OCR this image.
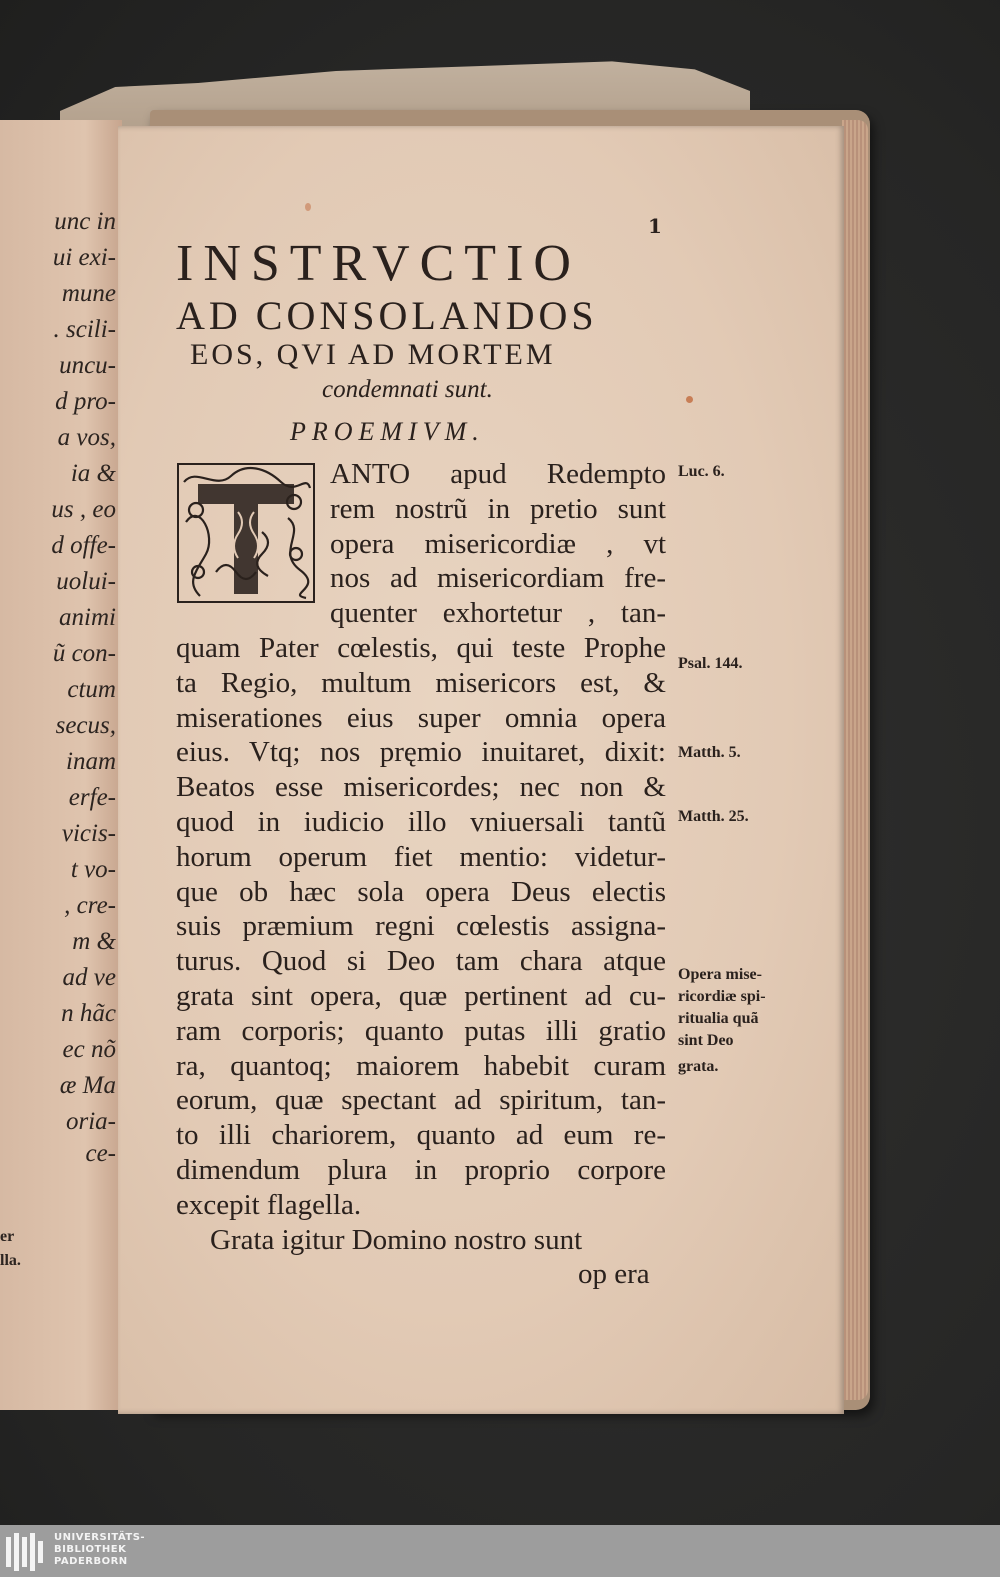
unc in
ui exi-
mune
. scili-
uncu-
d pro-
a vos,
ia &
us , eo
d offe-
uolui-
animi
ũ con-
ctum
secus,
inam
erfe-
vicis-
t vo-
, cre-
m &
ad ve
n hãc
ec nõ
æ Ma
oria-
ce-
er
lla.
1
INSTRVCTIO
AD CONSOLANDOS
EOS, QVI AD MORTEM
condemnati sunt.
PROEMIVM.
ANTO apud Redempto
rem nostrũ in pretio sunt
opera misericordiæ , vt
nos ad misericordiam fre-
quenter exhortetur , tan-
quam Pater cœlestis, qui teste Prophe
ta Regio, multum misericors est, &
miserationes eius super omnia opera
eius. Vtq; nos pręmio inuitaret, dixit:
Beatos esse misericordes; nec non &
quod in iudicio illo vniuersali tantũ
horum operum fiet mentio: videtur-
que ob hæc sola opera Deus electis
suis præmium regni cœlestis assigna-
turus. Quod si Deo tam chara atque
grata sint opera, quæ pertinent ad cu-
ram corporis; quanto putas illi gratio
ra, quantoq; maiorem habebit curam
eorum, quæ spectant ad spiritum, tan-
to illi chariorem, quanto ad eum re-
dimendum plura in proprio corpore
excepit flagella.
Grata igitur Domino nostro sunt
op era
Luc. 6.
Psal. 144.
Matth. 5.
Matth. 25.
Opera mise-
ricordiæ spi-
ritualia quã
sint Deo
grata.
UNIVERSITÄTS-
BIBLIOTHEK
PADERBORN
